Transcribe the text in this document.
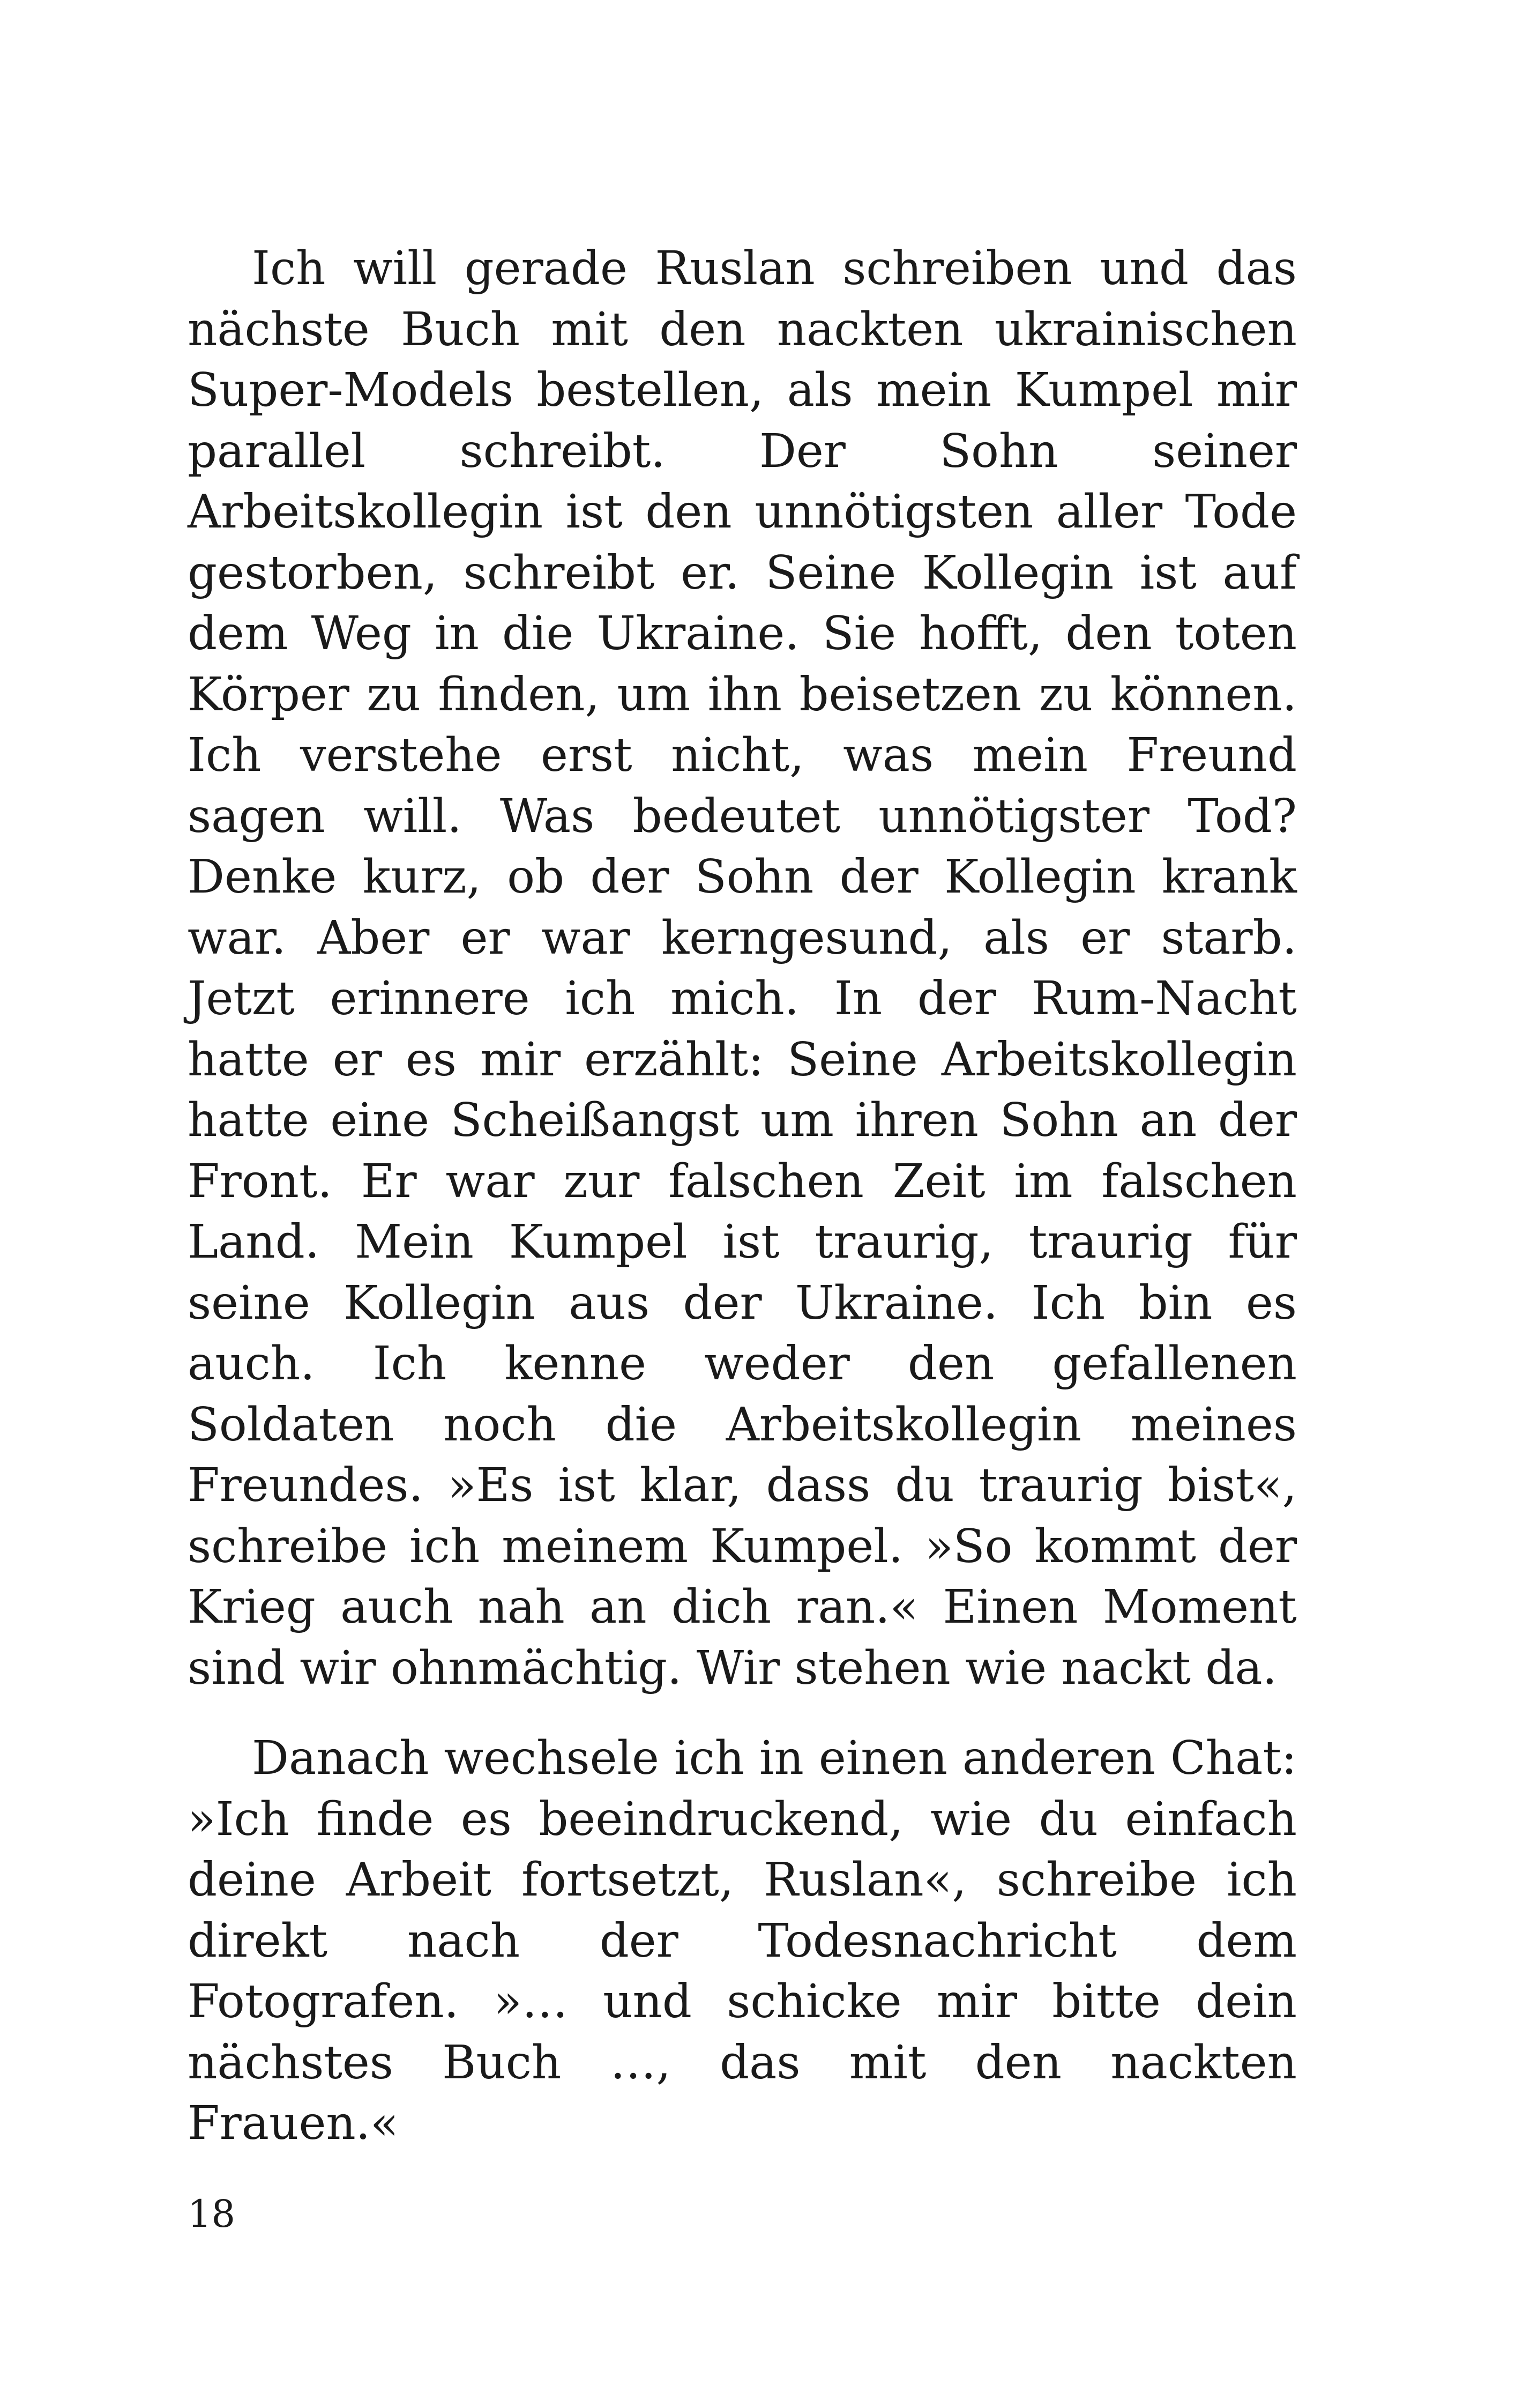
Ich will gerade Ruslan schreiben und das nächste Buch mit den nackten ukrainischen Super-Models bestellen, als mein Kumpel mir parallel schreibt. Der Sohn seiner Arbeitskollegin ist den unnötigsten aller Tode gestorben, schreibt er. Seine Kollegin ist auf dem Weg in die Ukraine. Sie hofft, den toten Körper zu finden, um ihn beisetzen zu können. Ich verstehe erst nicht, was mein Freund sagen will. Was bedeutet unnötigster Tod? Denke kurz, ob der Sohn der Kollegin krank war. Aber er war kerngesund, als er starb. Jetzt erinnere ich mich. In der Rum-Nacht hatte er es mir erzählt: Seine Arbeitskollegin hatte eine Scheißangst um ihren Sohn an der Front. Er war zur falschen Zeit im falschen Land. Mein Kumpel ist traurig, traurig für seine Kollegin aus der Ukraine. Ich bin es auch. Ich kenne weder den gefallenen Soldaten noch die Arbeitskollegin meines Freundes. »Es ist klar, dass du traurig bist«, schreibe ich meinem Kumpel. »So kommt der Krieg auch nah an dich ran.« Einen Moment sind wir ohnmächtig. Wir stehen wie nackt da.

Danach wechsele ich in einen anderen Chat: »Ich finde es beeindruckend, wie du einfach deine Arbeit fortsetzt, Ruslan«, schreibe ich direkt nach der Todesnachricht dem Fotografen. »… und schicke mir bitte dein nächstes Buch …, das mit den nackten Frauen.«

18
